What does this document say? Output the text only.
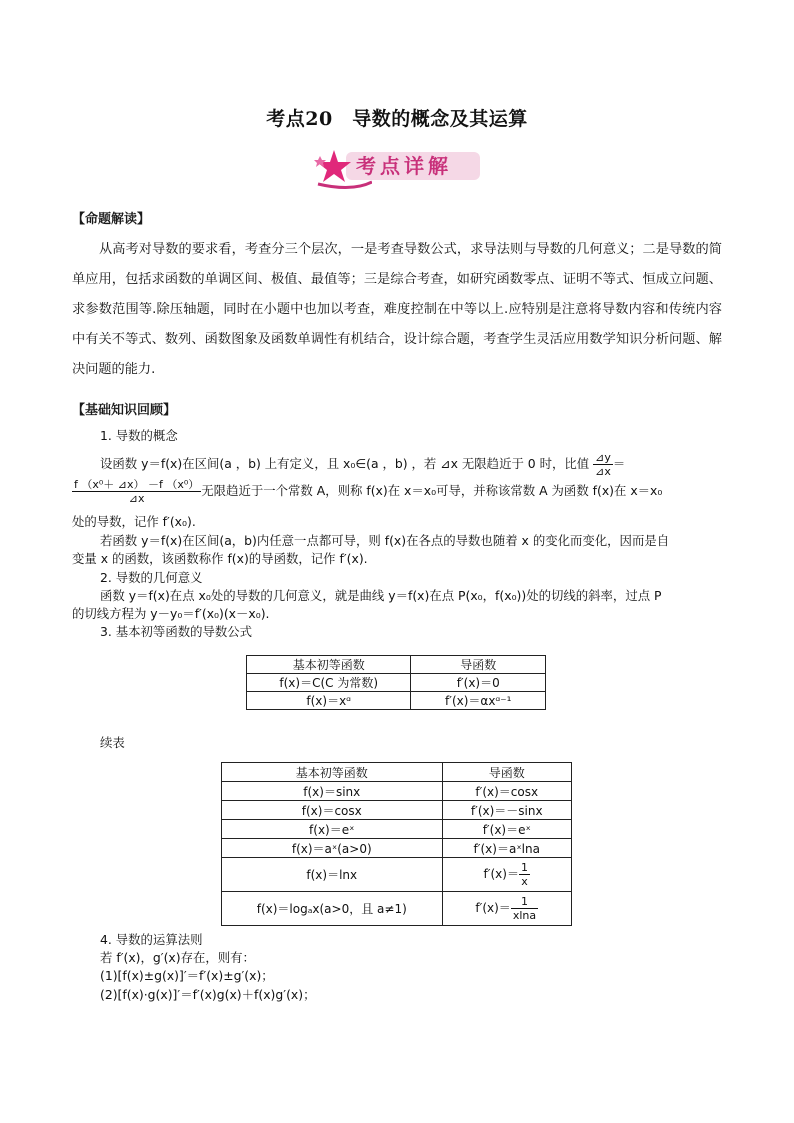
考点20　导数的概念及其运算
考点详解
【命题解读】
从高考对导数的要求看，考查分三个层次，一是考查导数公式，求导法则与导数的几何意义；二是导数的简单应用，包括求函数的单调区间、极值、最值等；三是综合考查，如研究函数零点、证明不等式、恒成立问题、求参数范围等.除压轴题，同时在小题中也加以考查，难度控制在中等以上.应特别是注意将导数内容和传统内容中有关不等式、数列、函数图象及函数单调性有机结合，设计综合题，考查学生灵活应用数学知识分析问题、解决问题的能力.
【基础知识回顾】
1. 导数的概念
设函数 y＝f(x)在区间(a ，b) 上有定义，且 x₀∈(a ，b) ，若 ⊿x 无限趋近于 0 时，比值 $\frac{⊿y}{⊿x}$ ＝
$\frac{\text{f （x⁰＋ ⊿x） －f （x⁰）}}{⊿x}$ 无限趋近于一个常数 A，则称 f(x)在 x＝x₀可导，并称该常数 A 为函数 f(x)在 x＝x₀
处的导数，记作 f′(x₀).
若函数 y＝f(x)在区间(a，b)内任意一点都可导，则 f(x)在各点的导数也随着 x 的变化而变化，因而是自
变量 x 的函数，该函数称作 f(x)的导函数，记作 f′(x).
2. 导数的几何意义
函数 y＝f(x)在点 x₀处的导数的几何意义，就是曲线 y＝f(x)在点 P(x₀，f(x₀))处的切线的斜率，过点 P
的切线方程为 y－y₀＝f′(x₀)(x－x₀).
3. 基本初等函数的导数公式
基本初等函数	导函数
f(x)＝C(C 为常数)	f′(x)＝0
f(x)＝xᵅ	f′(x)＝αxᵅ⁻¹
续表
基本初等函数	导函数
f(x)＝sinx	f′(x)＝cosx
f(x)＝cosx	f′(x)＝－sinx
f(x)＝eˣ	f′(x)＝eˣ
f(x)＝aˣ(a>0)	f′(x)＝aˣlna
f(x)＝lnx	$f'(x)= \frac{1}{x}$

f(x)＝logₐx(a>0，且 a≠1)	$f'(x)= \frac{1}{xlna}$
4. 导数的运算法则
若 f′(x)，g′(x)存在，则有：
(1)[f(x)±g(x)]′＝f′(x)±g′(x)；
(2)[f(x)·g(x)]′＝f′(x)g(x)＋f(x)g′(x)；
